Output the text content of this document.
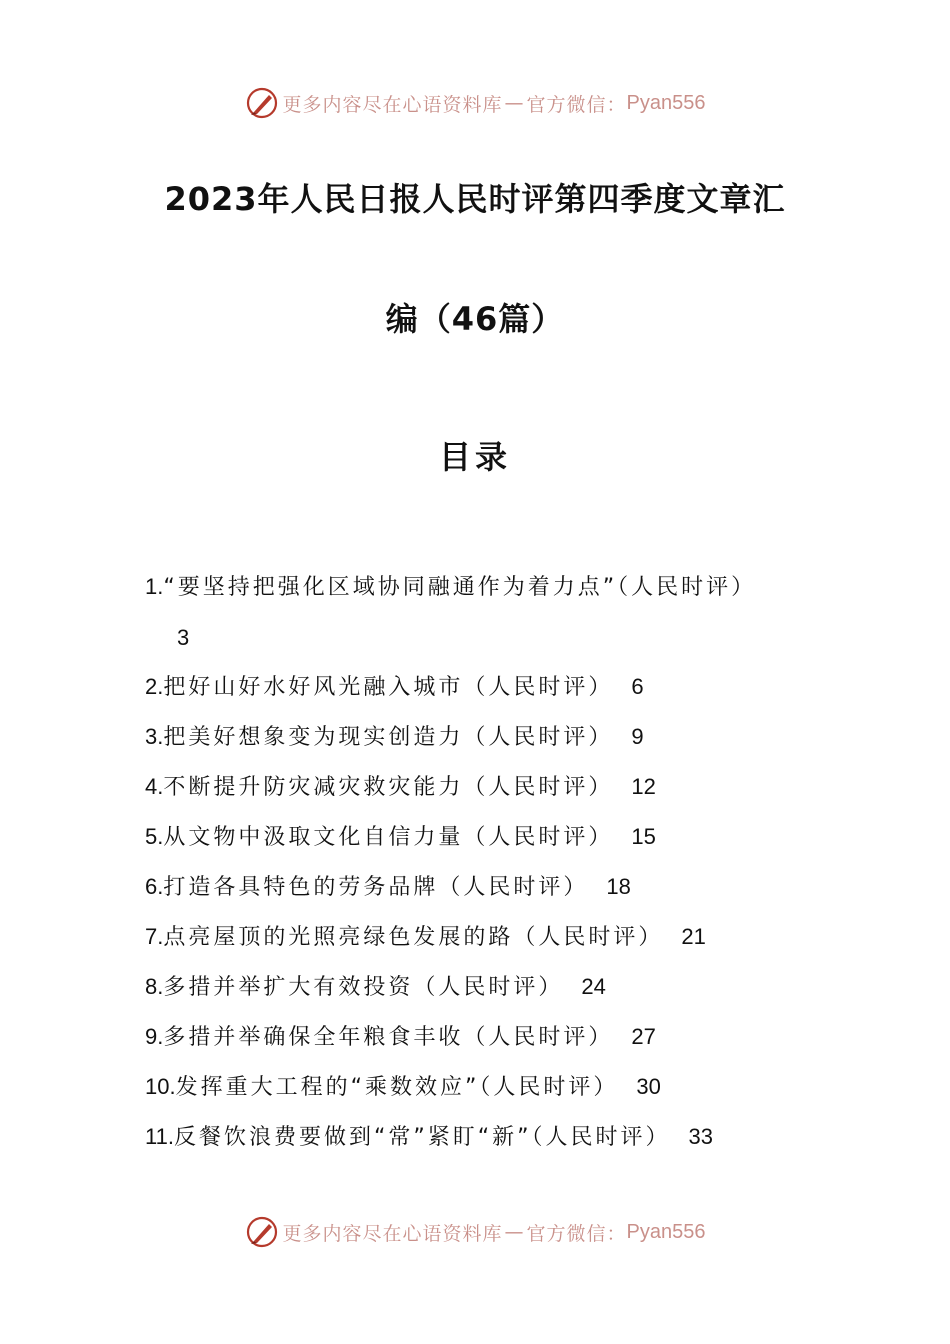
更多内容尽在心语资料库 — 官方微信： Pyan556
2023年人民日报人民时评第四季度文章汇
编（46篇）
目录
1.“要坚持把强化区域协同融通作为着力点”（人民时评）
3
2.把好山好水好风光融入城市（人民时评） 6
3.把美好想象变为现实创造力（人民时评） 9
4.不断提升防灾减灾救灾能力（人民时评） 12
5.从文物中汲取文化自信力量（人民时评） 15
6.打造各具特色的劳务品牌（人民时评） 18
7.点亮屋顶的光照亮绿色发展的路（人民时评） 21
8.多措并举扩大有效投资（人民时评） 24
9.多措并举确保全年粮食丰收（人民时评） 27
10.发挥重大工程的“乘数效应”（人民时评） 30
11.反餐饮浪费要做到“常”紧盯“新”（人民时评） 33
更多内容尽在心语资料库 — 官方微信： Pyan556
